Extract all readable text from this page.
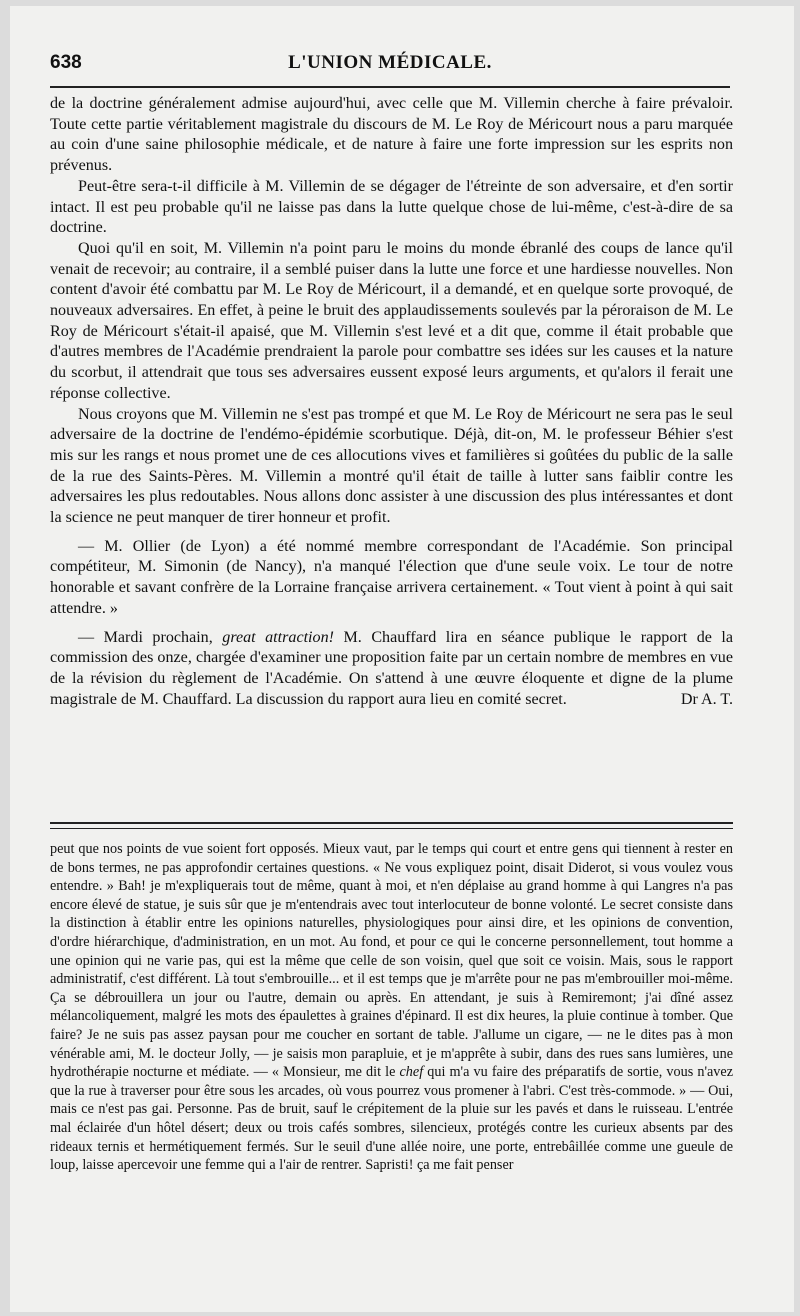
638	L'UNION MÉDICALE.

de la doctrine généralement admise aujourd'hui, avec celle que M. Villemin cherche à faire prévaloir. Toute cette partie véritablement magistrale du discours de M. Le Roy de Méricourt nous a paru marquée au coin d'une saine philosophie médicale, et de nature à faire une forte impression sur les esprits non prévenus.

Peut-être sera-t-il difficile à M. Villemin de se dégager de l'étreinte de son adversaire, et d'en sortir intact. Il est peu probable qu'il ne laisse pas dans la lutte quelque chose de lui-même, c'est-à-dire de sa doctrine.

Quoi qu'il en soit, M. Villemin n'a point paru le moins du monde ébranlé des coups de lance qu'il venait de recevoir; au contraire, il a semblé puiser dans la lutte une force et une hardiesse nouvelles. Non content d'avoir été combattu par M. Le Roy de Méricourt, il a demandé, et en quelque sorte provoqué, de nouveaux adversaires. En effet, à peine le bruit des applaudissements soulevés par la péroraison de M. Le Roy de Méricourt s'était-il apaisé, que M. Villemin s'est levé et a dit que, comme il était probable que d'autres membres de l'Académie prendraient la parole pour combattre ses idées sur les causes et la nature du scorbut, il attendrait que tous ses adversaires eussent exposé leurs arguments, et qu'alors il ferait une réponse collective.

Nous croyons que M. Villemin ne s'est pas trompé et que M. Le Roy de Méricourt ne sera pas le seul adversaire de la doctrine de l'endémo-épidémie scorbutique. Déjà, dit-on, M. le professeur Béhier s'est mis sur les rangs et nous promet une de ces allocutions vives et familières si goûtées du public de la salle de la rue des Saints-Pères. M. Villemin a montré qu'il était de taille à lutter sans faiblir contre les adversaires les plus redoutables. Nous allons donc assister à une discussion des plus intéressantes et dont la science ne peut manquer de tirer honneur et profit.

— M. Ollier (de Lyon) a été nommé membre correspondant de l'Académie. Son principal compétiteur, M. Simonin (de Nancy), n'a manqué l'élection que d'une seule voix. Le tour de notre honorable et savant confrère de la Lorraine française arrivera certainement. « Tout vient à point à qui sait attendre. »

— Mardi prochain, great attraction! M. Chauffard lira en séance publique le rapport de la commission des onze, chargée d'examiner une proposition faite par un certain nombre de membres en vue de la révision du règlement de l'Académie. On s'attend à une œuvre éloquente et digne de la plume magistrale de M. Chauffard. La discussion du rapport aura lieu en comité secret.	Dr A. T.

peut que nos points de vue soient fort opposés. Mieux vaut, par le temps qui court et entre gens qui tiennent à rester en de bons termes, ne pas approfondir certaines questions. « Ne vous expliquez point, disait Diderot, si vous voulez vous entendre. » Bah! je m'expliquerais tout de même, quant à moi, et n'en déplaise au grand homme à qui Langres n'a pas encore élevé de statue, je suis sûr que je m'entendrais avec tout interlocuteur de bonne volonté. Le secret consiste dans la distinction à établir entre les opinions naturelles, physiologiques pour ainsi dire, et les opinions de convention, d'ordre hiérarchique, d'administration, en un mot. Au fond, et pour ce qui le concerne personnellement, tout homme a une opinion qui ne varie pas, qui est la même que celle de son voisin, quel que soit ce voisin. Mais, sous le rapport administratif, c'est différent. Là tout s'embrouille... et il est temps que je m'arrête pour ne pas m'embrouiller moi-même. Ça se débrouillera un jour ou l'autre, demain ou après. En attendant, je suis à Remiremont; j'ai dîné assez mélancoliquement, malgré les mots des épaulettes à graines d'épinard. Il est dix heures, la pluie continue à tomber. Que faire? Je ne suis pas assez paysan pour me coucher en sortant de table. J'allume un cigare, — ne le dites pas à mon vénérable ami, M. le docteur Jolly, — je saisis mon parapluie, et je m'apprête à subir, dans des rues sans lumières, une hydrothérapie nocturne et médiate. — « Monsieur, me dit le chef qui m'a vu faire des préparatifs de sortie, vous n'avez que la rue à traverser pour être sous les arcades, où vous pourrez vous promener à l'abri. C'est très-commode. » — Oui, mais ce n'est pas gai. Personne. Pas de bruit, sauf le crépitement de la pluie sur les pavés et dans le ruisseau. L'entrée mal éclairée d'un hôtel désert; deux ou trois cafés sombres, silencieux, protégés contre les curieux absents par des rideaux ternis et hermétiquement fermés. Sur le seuil d'une allée noire, une porte, entrebâillée comme une gueule de loup, laisse apercevoir une femme qui a l'air de rentrer. Sapristi! ça me fait penser
